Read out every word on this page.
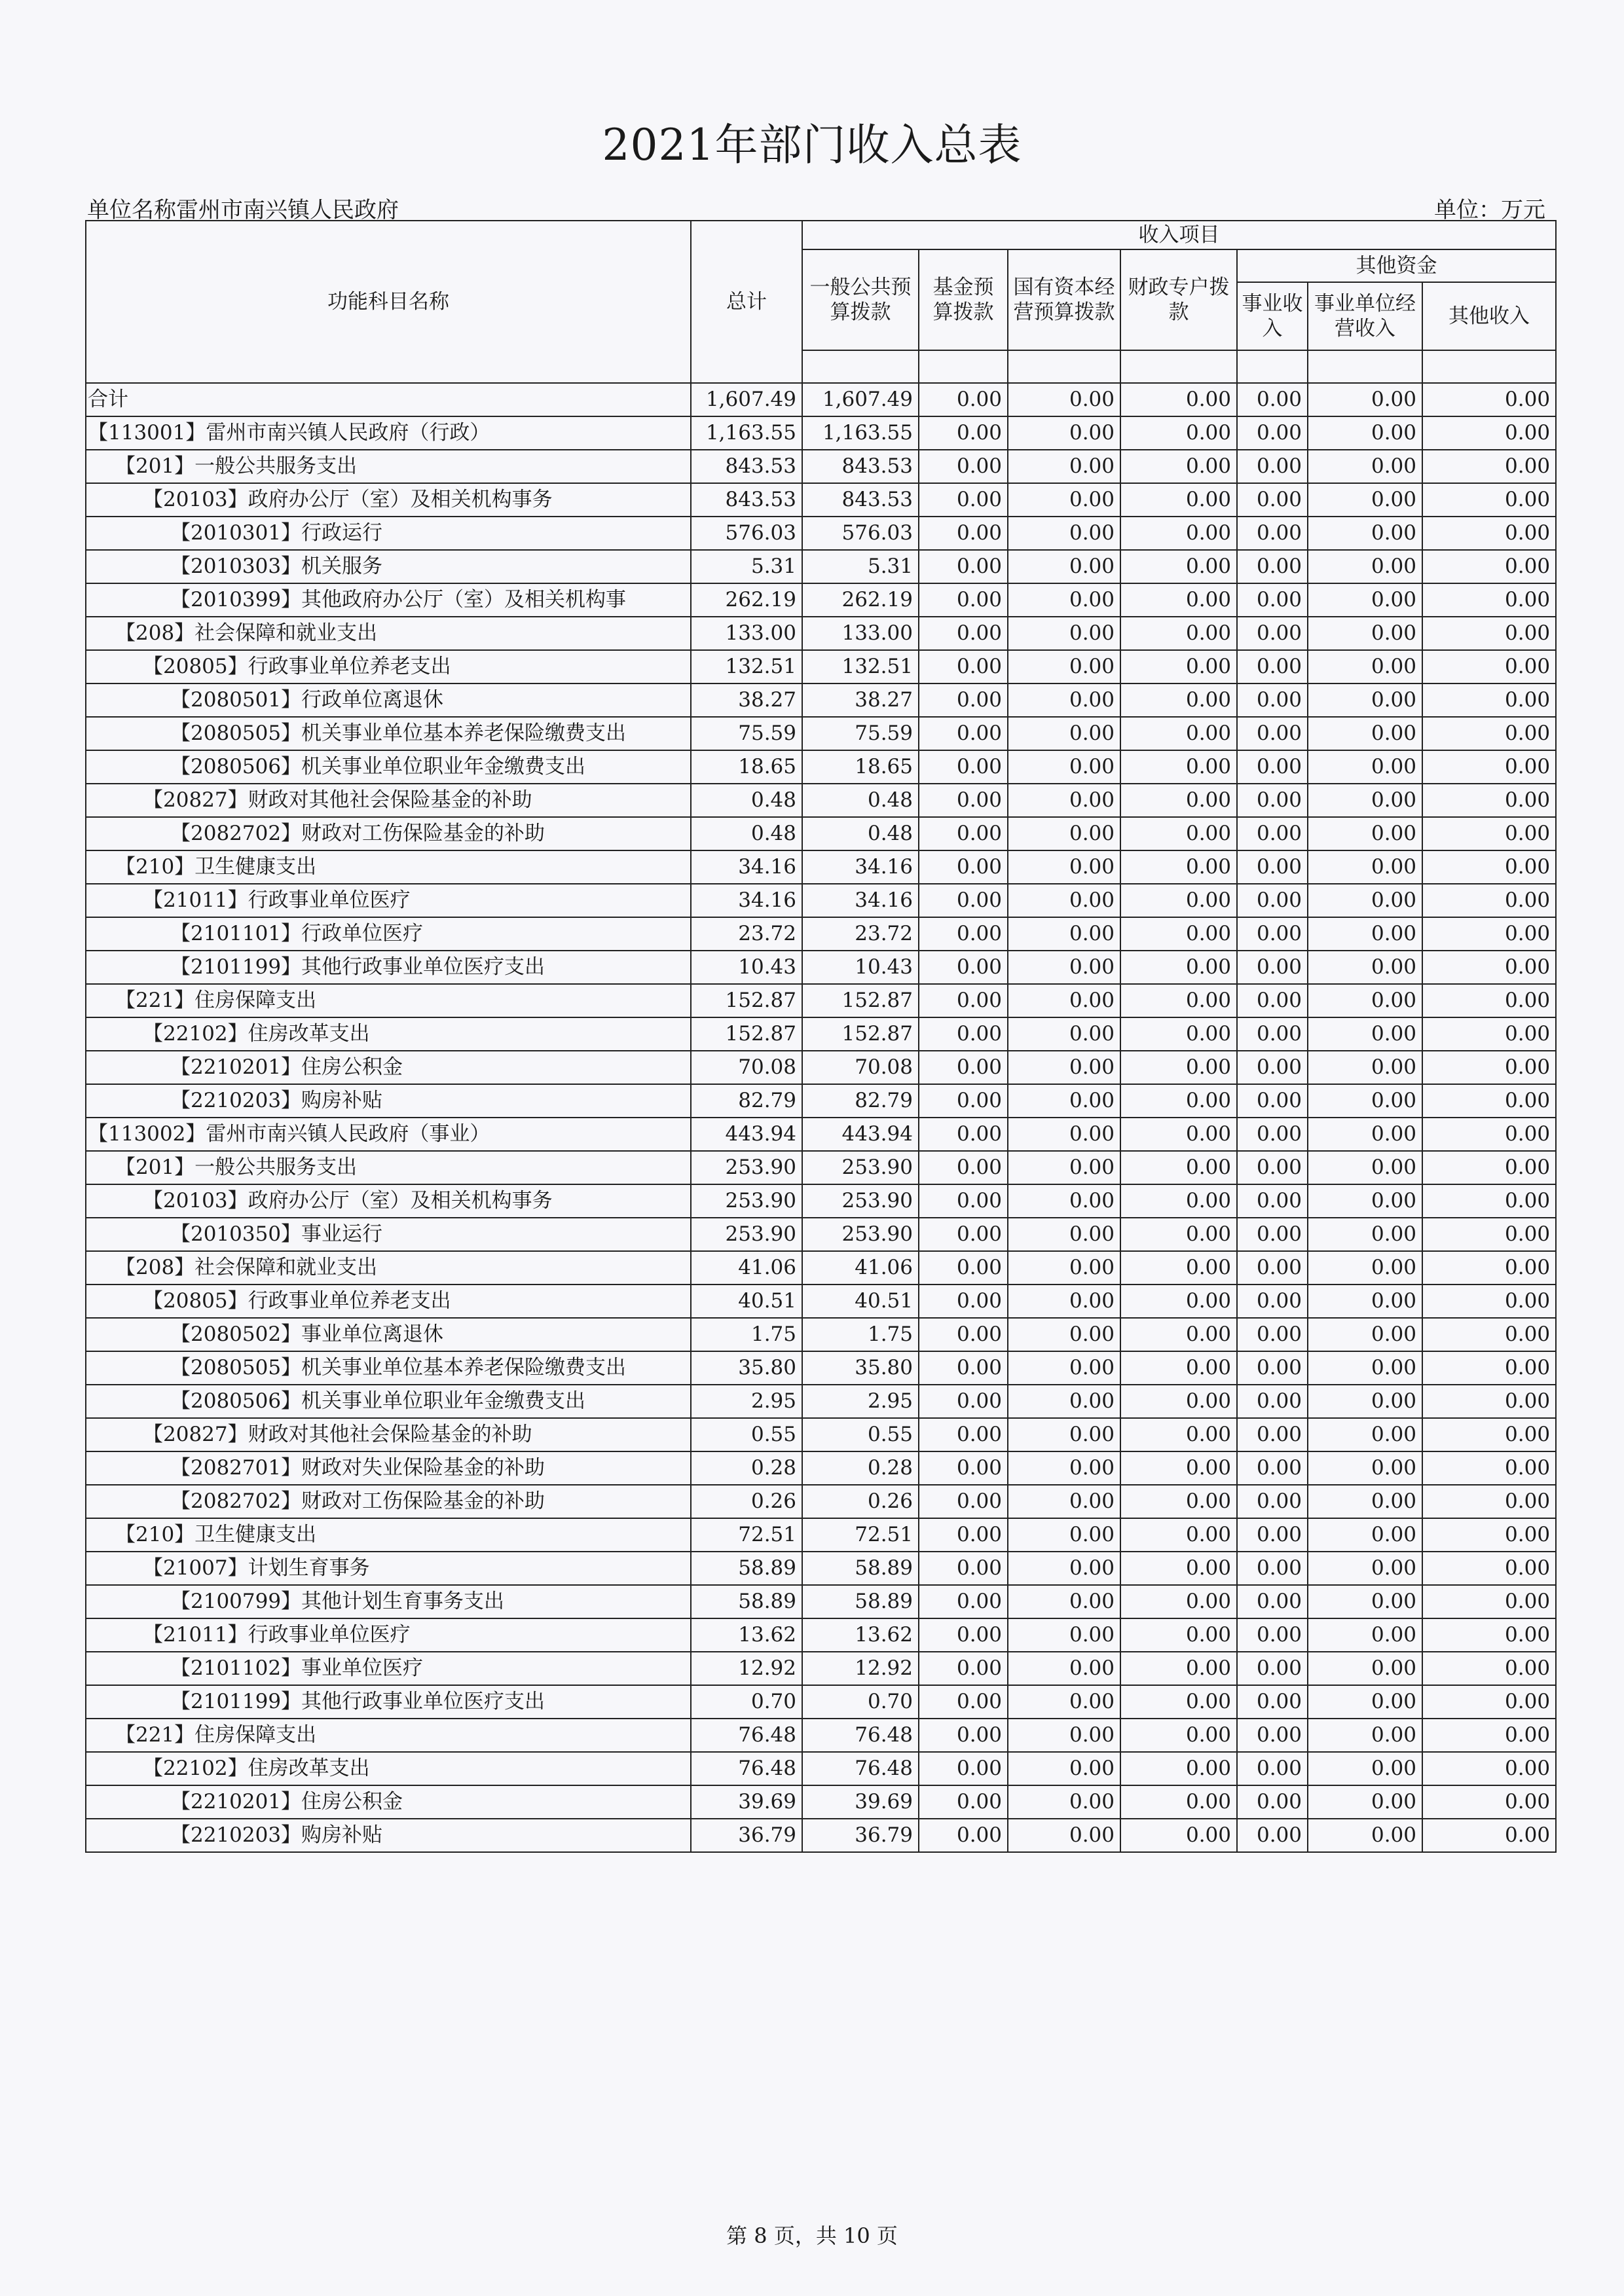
2021年部门收入总表
单位名称雷州市南兴镇人民政府	单位：万元
功能科目名称	总计	收入项目						
		一般公共预算拨款	基金预算拨款	国有资本经营预算拨款	财政专户拨款	其他资金		
						事业收入	事业单位经营收入	其他收入

合计	1,607.49	1,607.49	0.00	0.00	0.00	0.00	0.00	0.00
【113001】雷州市南兴镇人民政府（行政）	1,163.55	1,163.55	0.00	0.00	0.00	0.00	0.00	0.00
【201】一般公共服务支出	843.53	843.53	0.00	0.00	0.00	0.00	0.00	0.00
【20103】政府办公厅（室）及相关机构事务	843.53	843.53	0.00	0.00	0.00	0.00	0.00	0.00
【2010301】行政运行	576.03	576.03	0.00	0.00	0.00	0.00	0.00	0.00
【2010303】机关服务	5.31	5.31	0.00	0.00	0.00	0.00	0.00	0.00
【2010399】其他政府办公厅（室）及相关机构事	262.19	262.19	0.00	0.00	0.00	0.00	0.00	0.00
【208】社会保障和就业支出	133.00	133.00	0.00	0.00	0.00	0.00	0.00	0.00
【20805】行政事业单位养老支出	132.51	132.51	0.00	0.00	0.00	0.00	0.00	0.00
【2080501】行政单位离退休	38.27	38.27	0.00	0.00	0.00	0.00	0.00	0.00
【2080505】机关事业单位基本养老保险缴费支出	75.59	75.59	0.00	0.00	0.00	0.00	0.00	0.00
【2080506】机关事业单位职业年金缴费支出	18.65	18.65	0.00	0.00	0.00	0.00	0.00	0.00
【20827】财政对其他社会保险基金的补助	0.48	0.48	0.00	0.00	0.00	0.00	0.00	0.00
【2082702】财政对工伤保险基金的补助	0.48	0.48	0.00	0.00	0.00	0.00	0.00	0.00
【210】卫生健康支出	34.16	34.16	0.00	0.00	0.00	0.00	0.00	0.00
【21011】行政事业单位医疗	34.16	34.16	0.00	0.00	0.00	0.00	0.00	0.00
【2101101】行政单位医疗	23.72	23.72	0.00	0.00	0.00	0.00	0.00	0.00
【2101199】其他行政事业单位医疗支出	10.43	10.43	0.00	0.00	0.00	0.00	0.00	0.00
【221】住房保障支出	152.87	152.87	0.00	0.00	0.00	0.00	0.00	0.00
【22102】住房改革支出	152.87	152.87	0.00	0.00	0.00	0.00	0.00	0.00
【2210201】住房公积金	70.08	70.08	0.00	0.00	0.00	0.00	0.00	0.00
【2210203】购房补贴	82.79	82.79	0.00	0.00	0.00	0.00	0.00	0.00
【113002】雷州市南兴镇人民政府（事业）	443.94	443.94	0.00	0.00	0.00	0.00	0.00	0.00
【201】一般公共服务支出	253.90	253.90	0.00	0.00	0.00	0.00	0.00	0.00
【20103】政府办公厅（室）及相关机构事务	253.90	253.90	0.00	0.00	0.00	0.00	0.00	0.00
【2010350】事业运行	253.90	253.90	0.00	0.00	0.00	0.00	0.00	0.00
【208】社会保障和就业支出	41.06	41.06	0.00	0.00	0.00	0.00	0.00	0.00
【20805】行政事业单位养老支出	40.51	40.51	0.00	0.00	0.00	0.00	0.00	0.00
【2080502】事业单位离退休	1.75	1.75	0.00	0.00	0.00	0.00	0.00	0.00
【2080505】机关事业单位基本养老保险缴费支出	35.80	35.80	0.00	0.00	0.00	0.00	0.00	0.00
【2080506】机关事业单位职业年金缴费支出	2.95	2.95	0.00	0.00	0.00	0.00	0.00	0.00
【20827】财政对其他社会保险基金的补助	0.55	0.55	0.00	0.00	0.00	0.00	0.00	0.00
【2082701】财政对失业保险基金的补助	0.28	0.28	0.00	0.00	0.00	0.00	0.00	0.00
【2082702】财政对工伤保险基金的补助	0.26	0.26	0.00	0.00	0.00	0.00	0.00	0.00
【210】卫生健康支出	72.51	72.51	0.00	0.00	0.00	0.00	0.00	0.00
【21007】计划生育事务	58.89	58.89	0.00	0.00	0.00	0.00	0.00	0.00
【2100799】其他计划生育事务支出	58.89	58.89	0.00	0.00	0.00	0.00	0.00	0.00
【21011】行政事业单位医疗	13.62	13.62	0.00	0.00	0.00	0.00	0.00	0.00
【2101102】事业单位医疗	12.92	12.92	0.00	0.00	0.00	0.00	0.00	0.00
【2101199】其他行政事业单位医疗支出	0.70	0.70	0.00	0.00	0.00	0.00	0.00	0.00
【221】住房保障支出	76.48	76.48	0.00	0.00	0.00	0.00	0.00	0.00
【22102】住房改革支出	76.48	76.48	0.00	0.00	0.00	0.00	0.00	0.00
【2210201】住房公积金	39.69	39.69	0.00	0.00	0.00	0.00	0.00	0.00
【2210203】购房补贴	36.79	36.79	0.00	0.00	0.00	0.00	0.00	0.00
第 8 页，共 10 页
